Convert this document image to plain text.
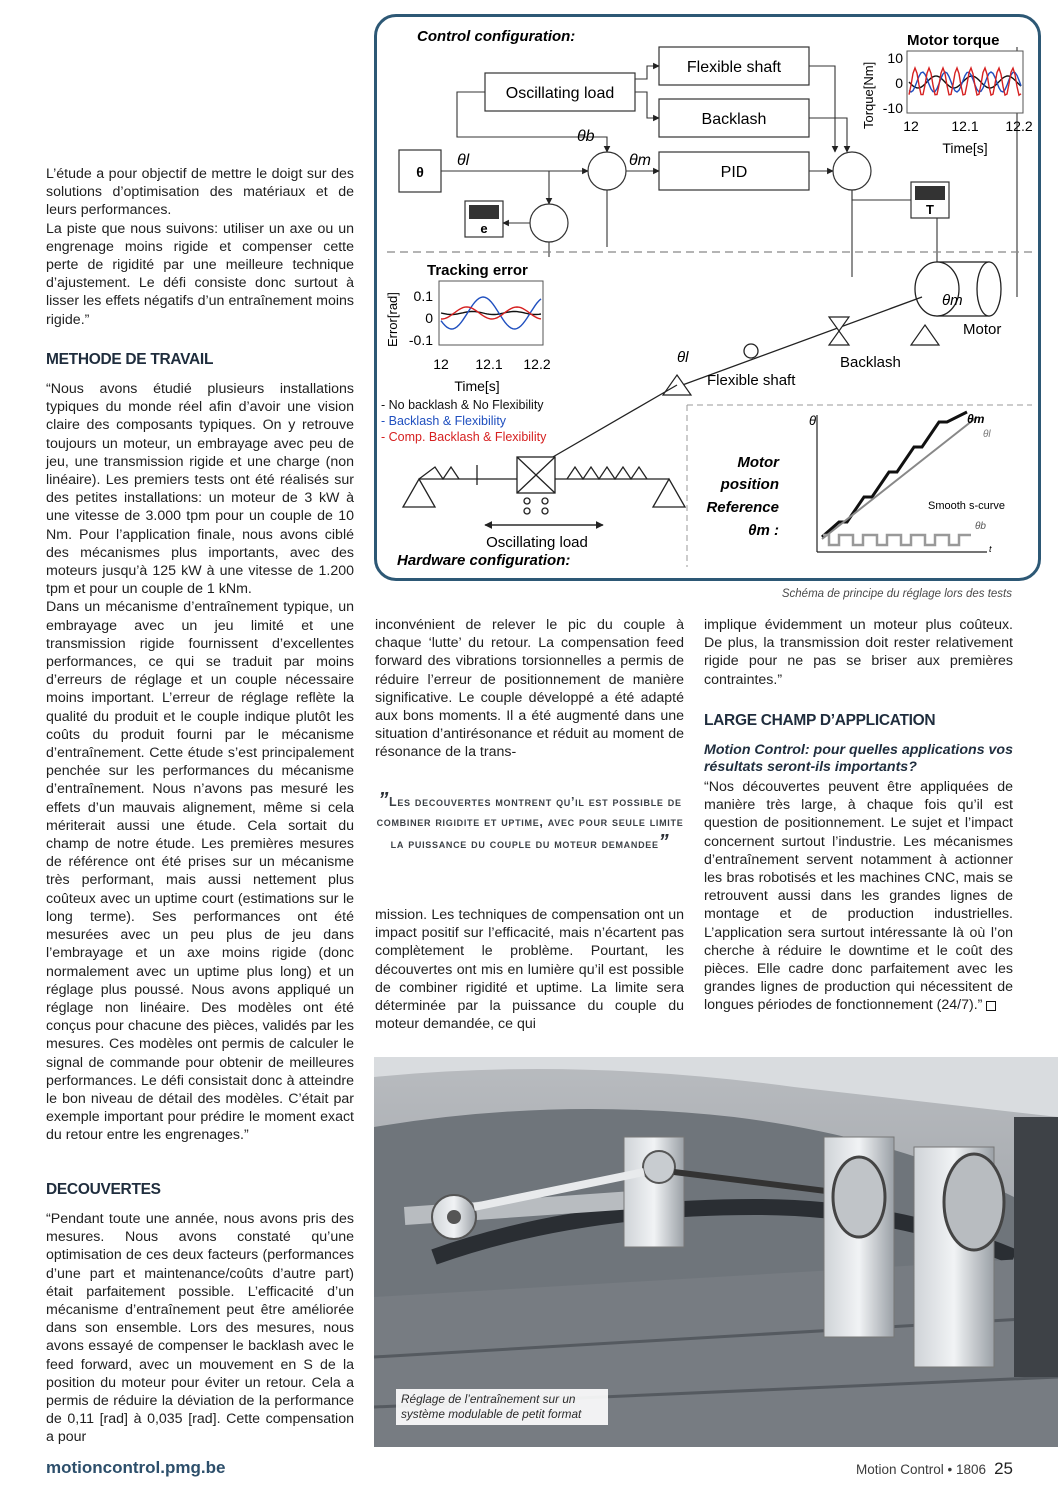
L’étude a pour objectif de mettre le doigt sur des solutions d’optimisation des matériaux et de leurs performances.

La piste que nous suivons: utiliser un axe ou un engrenage moins rigide et compenser cette perte de rigidité par une meilleure technique d’ajustement. Le défi consiste donc surtout à lisser les effets négatifs d’un entraînement moins rigide.”

METHODE DE TRAVAIL

“Nous avons étudié plusieurs installations typiques du monde réel afin d’avoir une vision claire des composants typiques. On y retrouve toujours un moteur, un embrayage avec peu de jeu, une transmission rigide et une charge (non linéaire). Les premiers tests ont été réalisés sur des petites installations: un moteur de 3 kW à une vitesse de 3.000 tpm pour un couple de 10 Nm. Pour l’application finale, nous avons ciblé des mécanismes plus importants, avec des moteurs jusqu’à 125 kW à une vitesse de 1.200 tpm et pour un couple de 1 kNm.

Dans un mécanisme d’entraînement typique, un embrayage avec un jeu limité et une transmission rigide fournissent d’excellentes performances, ce qui se traduit par moins d’erreurs de réglage et un couple nécessaire moins important. L’erreur de réglage reflète la qualité du produit et le couple indique plutôt les coûts du produit fourni par le mécanisme d’entraînement. Cette étude s’est principalement penchée sur les performances du mécanisme d’entraînement. Nous n’avons pas mesuré les effets d’un mauvais alignement, même si cela mériterait aussi une étude. Cela sortait du champ de notre étude. Les premières mesures de référence ont été prises sur un mécanisme très performant, mais aussi nettement plus coûteux avec un uptime court (estimations sur le long terme). Ses performances ont été mesurées avec un peu plus de jeu dans l’embrayage et un axe moins rigide (donc normalement avec un uptime plus long) et un réglage plus poussé. Nous avons appliqué un réglage non linéaire. Des modèles ont été conçus pour chacune des pièces, validés par les mesures. Ces modèles ont permis de calculer le signal de commande pour obtenir de meilleures performances. Le défi consistait donc à atteindre le bon niveau de détail des modèles. C’était par exemple important pour prédire le moment exact du retour entre les engrenages.”

DECOUVERTES

“Pendant toute une année, nous avons pris des mesures. Nous avons constaté qu’une optimisation de ces deux facteurs (performances d’une part et maintenance/coûts d’autre part) était parfaitement possible. L’efficacité d’un mécanisme d’entraînement peut être améliorée dans son ensemble. Lors des mesures, nous avons essayé de compenser le backlash avec le feed forward, avec un mouvement en S de la position du moteur pour éviter un retour. Cela a permis de réduire la déviation de la performance de 0,11 [rad] à 0,035 [rad]. Cette compensation a pour

inconvénient de relever le pic du couple à chaque ‘lutte’ du retour. La compensation feed forward des vibrations torsionnelles a permis de réduire l’erreur de positionnement de manière significative. Le couple développé a été adapté aux bons moments. Il a été augmenté dans une situation d’antirésonance et réduit au moment de résonance de la trans-

”Les decouvertes montrent qu’il est possible de combiner rigidite et uptime, avec pour seule limite la puissance du couple du moteur demandee”

mission. Les techniques de compensation ont un impact positif sur l’efficacité, mais n’écartent pas complètement le problème. Pourtant, les découvertes ont mis en lumière qu’il est possible de combiner rigidité et uptime. La limite sera déterminée par la puissance du couple du moteur demandée, ce qui

implique évidemment un moteur plus coûteux. De plus, la transmission doit rester relativement rigide pour ne pas se briser aux premières contraintes.”

LARGE CHAMP D’APPLICATION
Motion Control: pour quelles applications vos résultats seront-ils importants?

“Nos découvertes peuvent être appliquées de manière très large, à chaque fois qu’il est question de positionnement. Le sujet et l’impact concernent surtout l’industrie. Les mécanismes d’entraînement servent notamment à actionner les bras robotisés et les machines CNC, mais se retrouvent aussi dans les grandes lignes de montage et de production industrielles. L’application sera surtout intéressante là où l’on cherche à réduire le downtime et le coût des pièces. Elle cadre donc parfaitement avec les grandes lignes de production qui nécessitent de longues périodes de fonctionnement (24/7).”

Control configuration:
Flexible shaft
Oscillating load
Backlash
PID
θ
e
T
θl
θb
θm
Motor torque
Torque[Nm]
10
0
-10
12 12.1 12.2
Time[s]
Tracking error
Error[rad] 0.1
0
-0.1
12 12.1 12.2
Time[s]
- No backlash & No Flexibility
- Backlash & Flexibility
- Comp. Backlash & Flexibility
θm
Motor
Backlash
θl
Flexible shaft
Oscillating load
Hardware configuration:
θ
t
θm
θl
θb
Smooth s-curve
Motor
position
Reference
θm :
Schéma de principe du réglage lors des tests
Réglage de l’entraînement sur un système modulable de petit format
motioncontrol.pmg.be	Motion Control • 1806 25
